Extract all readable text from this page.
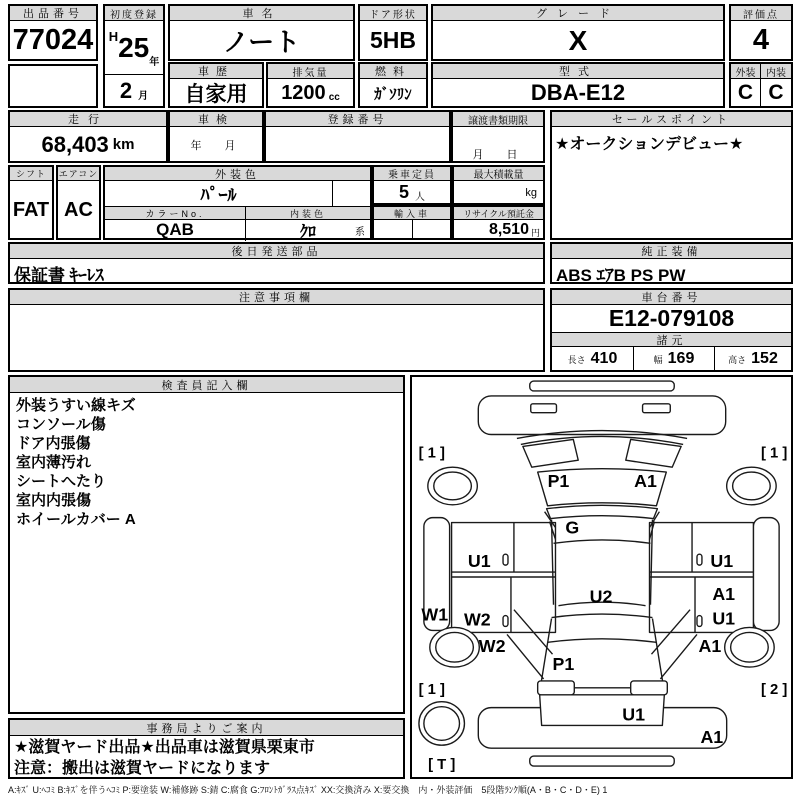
出品番号
77024
初度登録
H 25 年
2 月
車名
ノート
ドア形状
5HB
グレード
X
評価点
4
車歴
自家用
排気量
1200 cc
燃料
ｶﾞｿﾘﾝ
型式
DBA-E12
外装
C
内装
C
走行
68,403 km
車検
年　月
登録番号	譲渡書類期限
月　日
セールスポイント
★オークションデビュー★
シフト
FAT
エアコン
AC
外装色
ﾊﾟｰﾙ
カラーNo.	内装色
QAB	ｸﾛ	系
乗車定員
5 人
輸入車
最大積載量
kg
リサイクル預託金
8,510 円
後日発送部品
保証書 ｷｰﾚｽ
純正装備
ABS ｴｱB PS PW
注意事項欄	車台番号
E12-079108
諸元
長さ 410	幅 169	高さ 152
検査員記入欄
外装うすい線キズ
コンソール傷
ドア内張傷
室内薄汚れ
シートへたり
室内内張傷
ホイールカバー A
事務局よりご案内
★滋賀ヤード出品★出品車は滋賀県栗東市
注意：搬出は滋賀ヤードになります
[ 1 ]	[ 1 ]
P1	A1
G
U1	U1
U2	A1
W1 W2	U1
W2	A1
P1
[ 1 ]	[ 2 ]
U1
A1
[ T ]
A:ｷｽﾞ U:ﾍｺﾐ B:ｷｽﾞを伴うﾍｺﾐ P:要塗装 W:補修跡 S:錆 C:腐食 G:ﾌﾛﾝﾄｶﾞﾗｽ点ｷｽﾞ XX:交換済み X:要交換　内・外装評価　5段階ﾗﾝｸ順(A・B・C・D・E) 1
